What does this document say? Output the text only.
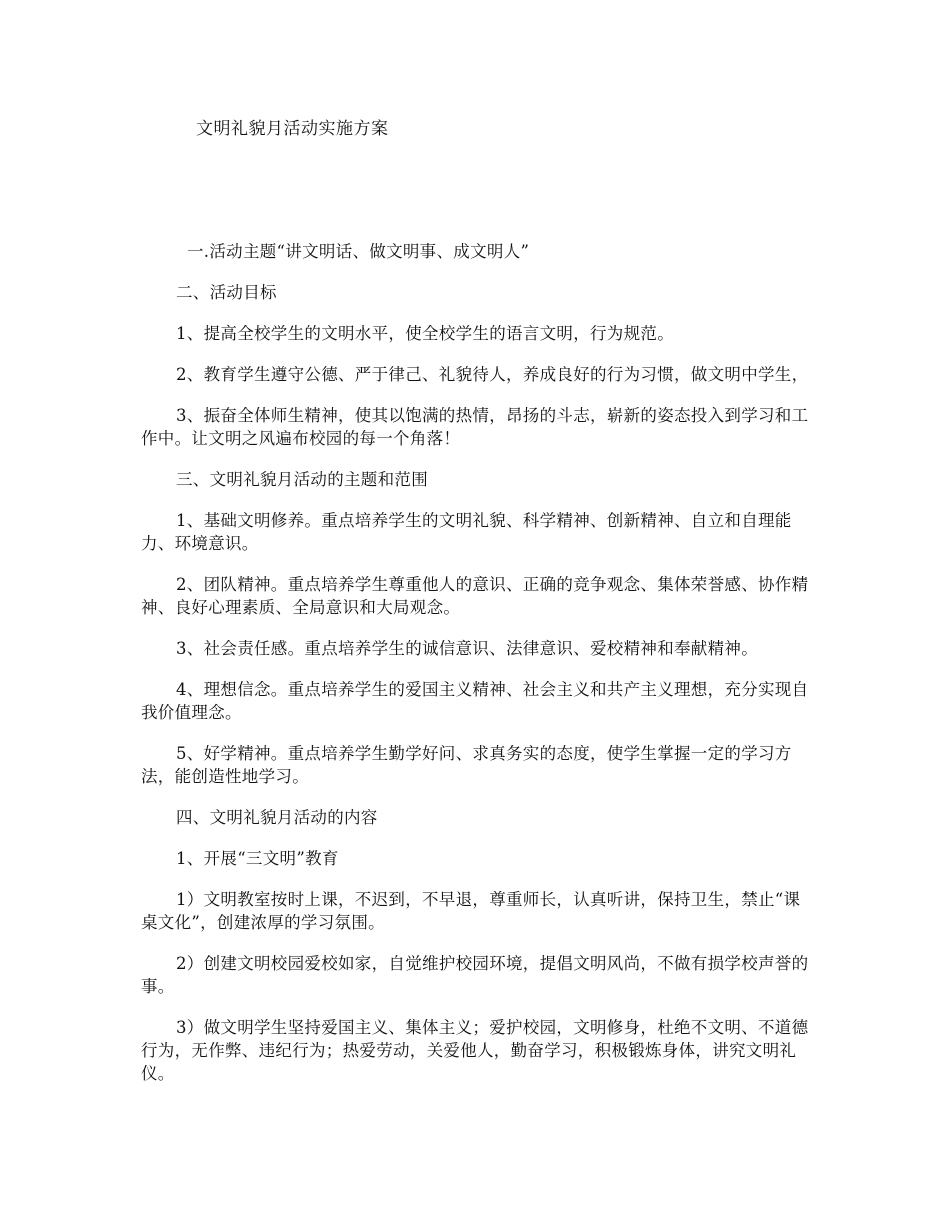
文明礼貌月活动实施方案

一.活动主题“讲文明话、做文明事、成文明人”

二、活动目标

1、提高全校学生的文明水平，使全校学生的语言文明，行为规范。

2、教育学生遵守公德、严于律己、礼貌待人，养成良好的行为习惯，做文明中学生，

3、振奋全体师生精神，使其以饱满的热情，昂扬的斗志，崭新的姿态投入到学习和工作中。让文明之风遍布校园的每一个角落！

三、文明礼貌月活动的主题和范围

1、基础文明修养。重点培养学生的文明礼貌、科学精神、创新精神、自立和自理能力、环境意识。

2、团队精神。重点培养学生尊重他人的意识、正确的竞争观念、集体荣誉感、协作精神、良好心理素质、全局意识和大局观念。

3、社会责任感。重点培养学生的诚信意识、法律意识、爱校精神和奉献精神。

4、理想信念。重点培养学生的爱国主义精神、社会主义和共产主义理想，充分实现自我价值理念。

5、好学精神。重点培养学生勤学好问、求真务实的态度，使学生掌握一定的学习方法，能创造性地学习。

四、文明礼貌月活动的内容

1、开展“三文明”教育

1）文明教室按时上课，不迟到，不早退，尊重师长，认真听讲，保持卫生，禁止“课桌文化”，创建浓厚的学习氛围。

2）创建文明校园爱校如家，自觉维护校园环境，提倡文明风尚，不做有损学校声誉的事。

3）做文明学生坚持爱国主义、集体主义；爱护校园，文明修身，杜绝不文明、不道德行为，无作弊、违纪行为；热爱劳动，关爱他人，勤奋学习，积极锻炼身体，讲究文明礼仪。
